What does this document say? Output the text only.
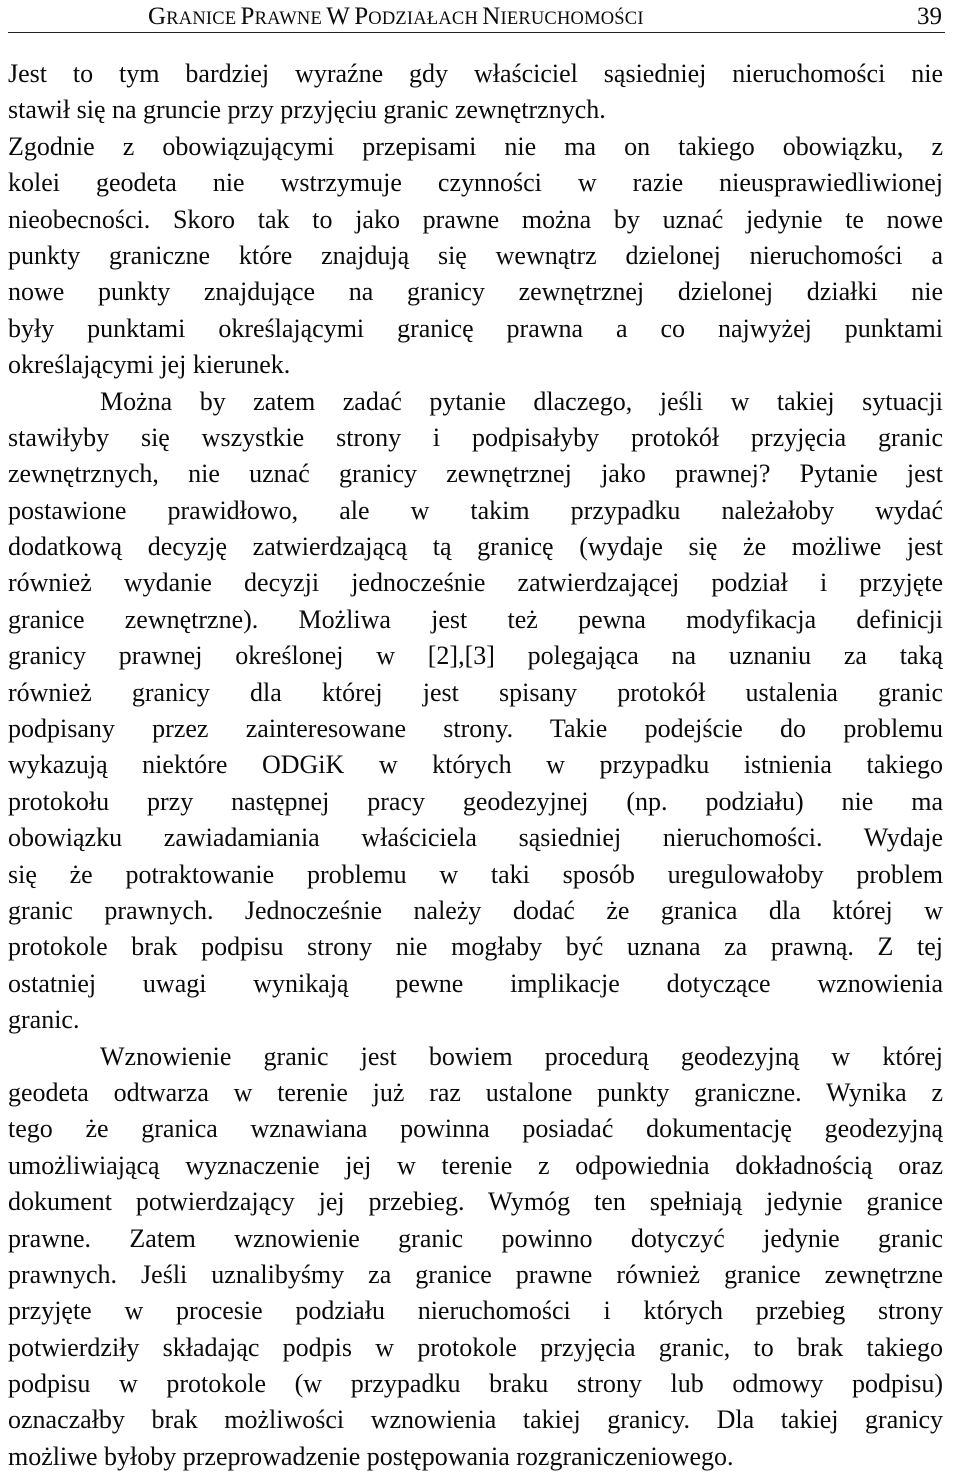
GRANICE PRAWNE W PODZIAŁACH NIERUCHOMOŚCI	39
Jest to tym bardziej wyraźne gdy właściciel sąsiedniej nieruchomości nie
stawił się na gruncie przy przyjęciu granic zewnętrznych.
Zgodnie z obowiązującymi przepisami nie ma on takiego obowiązku, z
kolei geodeta nie wstrzymuje czynności w razie nieusprawiedliwionej
nieobecności. Skoro tak to jako prawne można by uznać jedynie te nowe
punkty graniczne które znajdują się wewnątrz dzielonej nieruchomości a
nowe punkty znajdujące na granicy zewnętrznej dzielonej działki nie
były punktami określającymi granicę prawna a co najwyżej punktami
określającymi jej kierunek.
Można by zatem zadać pytanie dlaczego, jeśli w takiej sytuacji
stawiłyby się wszystkie strony i podpisałyby protokół przyjęcia granic
zewnętrznych, nie uznać granicy zewnętrznej jako prawnej? Pytanie jest
postawione prawidłowo, ale w takim przypadku należałoby wydać
dodatkową decyzję zatwierdzającą tą granicę (wydaje się że możliwe jest
również wydanie decyzji jednocześnie zatwierdzającej podział i przyjęte
granice zewnętrzne). Możliwa jest też pewna modyfikacja definicji
granicy prawnej określonej w [2],[3] polegająca na uznaniu za taką
również granicy dla której jest spisany protokół ustalenia granic
podpisany przez zainteresowane strony. Takie podejście do problemu
wykazują niektóre ODGiK w których w przypadku istnienia takiego
protokołu przy następnej pracy geodezyjnej (np. podziału) nie ma
obowiązku zawiadamiania właściciela sąsiedniej nieruchomości. Wydaje
się że potraktowanie problemu w taki sposób uregulowałoby problem
granic prawnych. Jednocześnie należy dodać że granica dla której w
protokole brak podpisu strony nie mogłaby być uznana za prawną. Z tej
ostatniej uwagi wynikają pewne implikacje dotyczące wznowienia
granic.
Wznowienie granic jest bowiem procedurą geodezyjną w której
geodeta odtwarza w terenie już raz ustalone punkty graniczne. Wynika z
tego że granica wznawiana powinna posiadać dokumentację geodezyjną
umożliwiającą wyznaczenie jej w terenie z odpowiednia dokładnością oraz
dokument potwierdzający jej przebieg. Wymóg ten spełniają jedynie granice
prawne. Zatem wznowienie granic powinno dotyczyć jedynie granic
prawnych. Jeśli uznalibyśmy za granice prawne również granice zewnętrzne
przyjęte w procesie podziału nieruchomości i których przebieg strony
potwierdziły składając podpis w protokole przyjęcia granic, to brak takiego
podpisu w protokole (w przypadku braku strony lub odmowy podpisu)
oznaczałby brak możliwości wznowienia takiej granicy. Dla takiej granicy
możliwe byłoby przeprowadzenie postępowania rozgraniczeniowego.
